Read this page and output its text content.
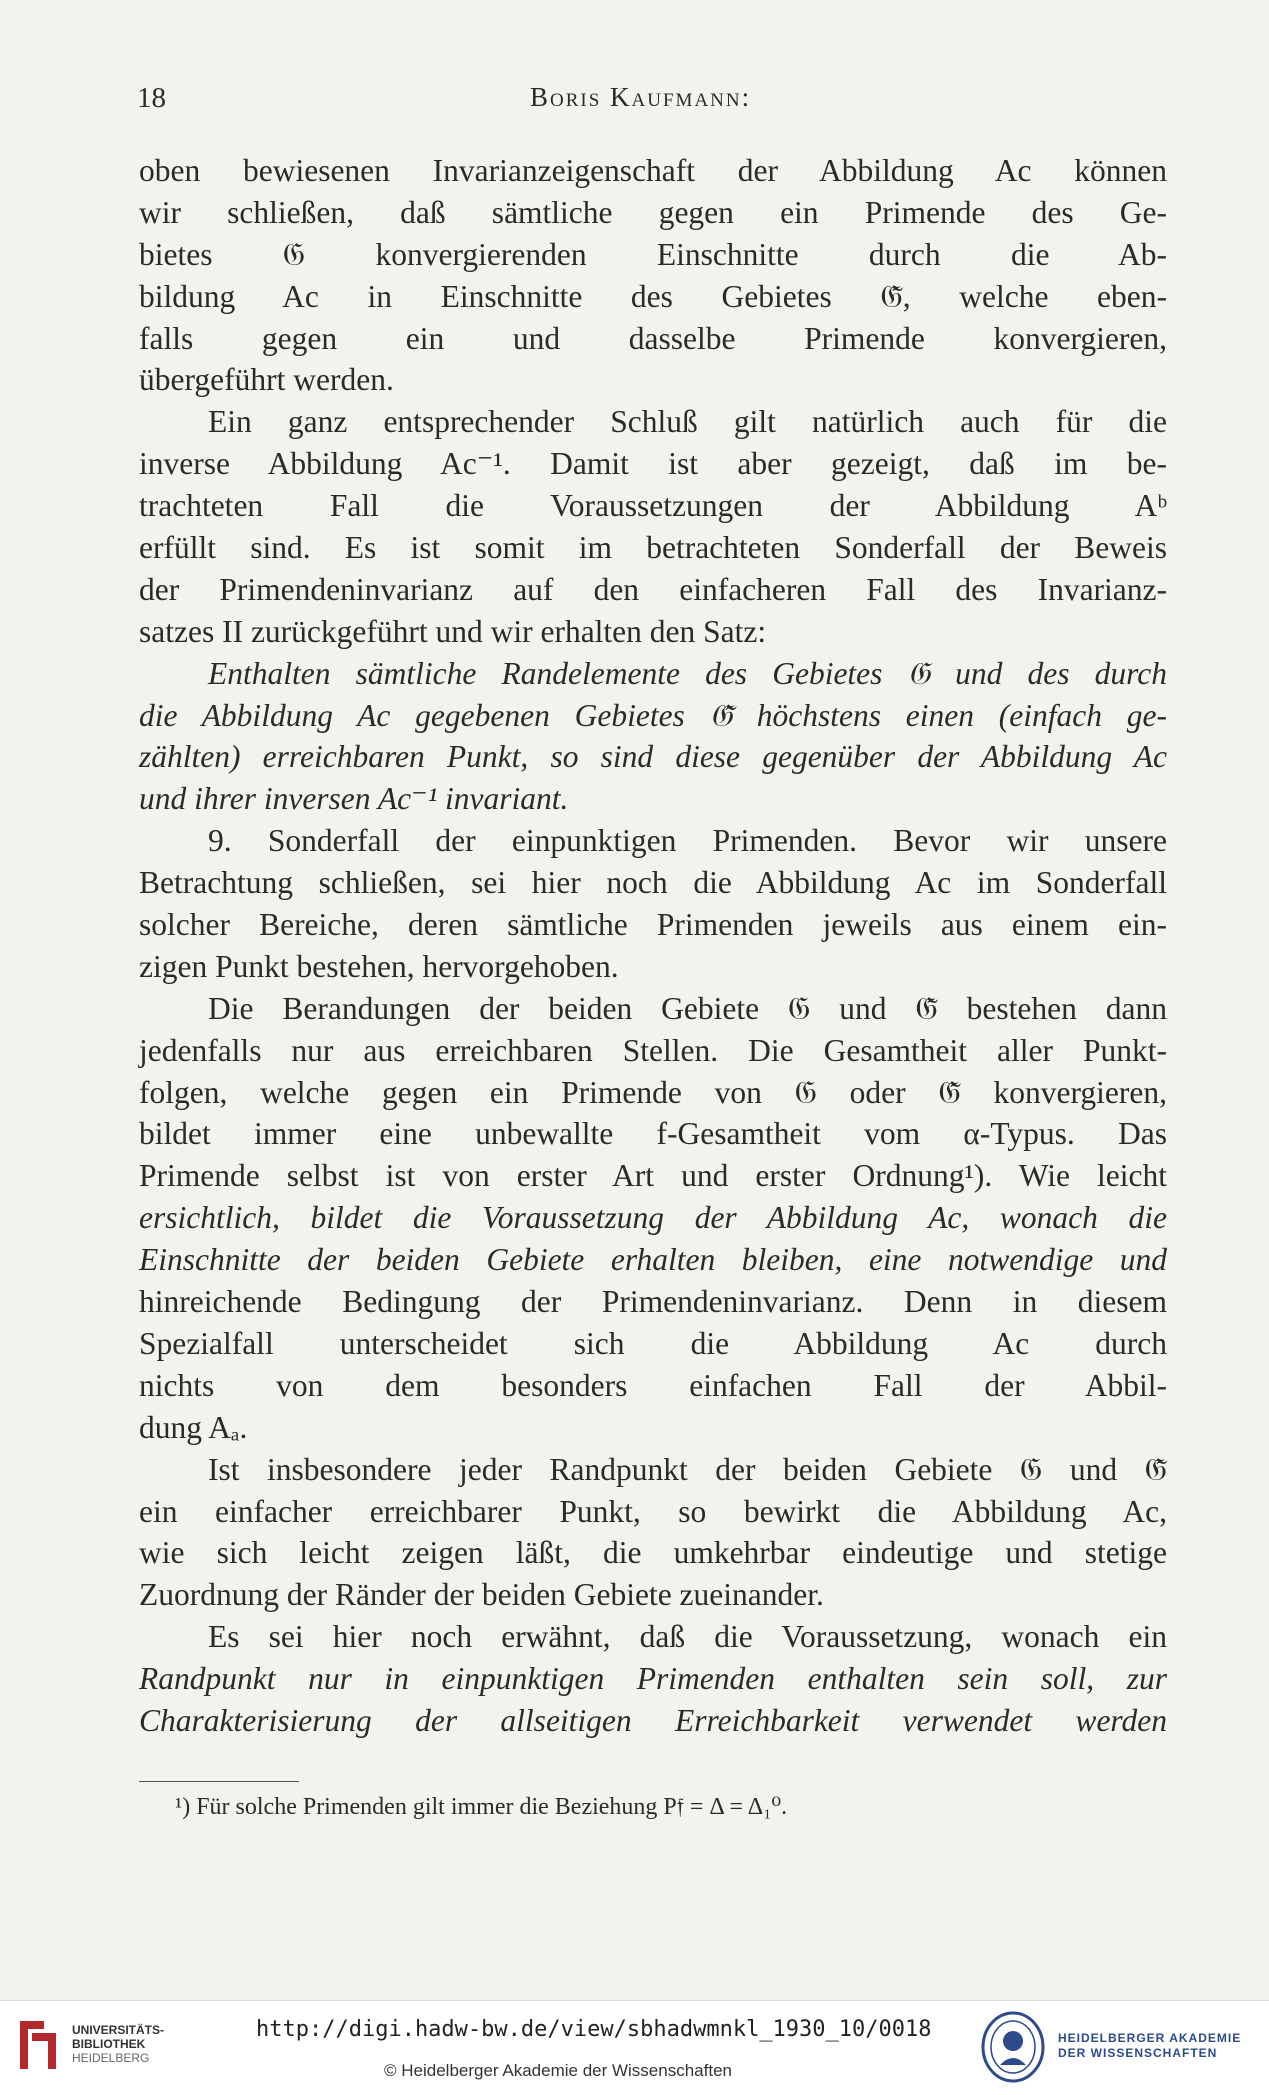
18	Boris Kaufmann:
oben bewiesenen Invarianzeigenschaft der Abbildung Ac können
wir schließen, daß sämtliche gegen ein Primende des Ge-
bietes 𝔊 konvergierenden Einschnitte durch die Ab-
bildung Ac in Einschnitte des Gebietes 𝔊̃, welche eben-
falls gegen ein und dasselbe Primende konvergieren,
übergeführt werden.
Ein ganz entsprechender Schluß gilt natürlich auch für die
inverse Abbildung Ac⁻¹. Damit ist aber gezeigt, daß im be-
trachteten Fall die Voraussetzungen der Abbildung Aᵇ
erfüllt sind. Es ist somit im betrachteten Sonderfall der Beweis
der Primendeninvarianz auf den einfacheren Fall des Invarianz-
satzes II zurückgeführt und wir erhalten den Satz:
Enthalten sämtliche Randelemente des Gebietes 𝔊 und des durch
die Abbildung Ac gegebenen Gebietes 𝔊̃ höchstens einen (einfach ge-
zählten) erreichbaren Punkt, so sind diese gegenüber der Abbildung Ac
und ihrer inversen Ac⁻¹ invariant.
9. Sonderfall der einpunktigen Primenden. Bevor wir unsere
Betrachtung schließen, sei hier noch die Abbildung Ac im Sonderfall
solcher Bereiche, deren sämtliche Primenden jeweils aus einem ein-
zigen Punkt bestehen, hervorgehoben.
Die Berandungen der beiden Gebiete 𝔊 und 𝔊̃ bestehen dann
jedenfalls nur aus erreichbaren Stellen. Die Gesamtheit aller Punkt-
folgen, welche gegen ein Primende von 𝔊 oder 𝔊̃ konvergieren,
bildet immer eine unbewallte f-Gesamtheit vom α-Typus. Das
Primende selbst ist von erster Art und erster Ordnung¹). Wie leicht
ersichtlich, bildet die Voraussetzung der Abbildung Ac, wonach die
Einschnitte der beiden Gebiete erhalten bleiben, eine notwendige und
hinreichende Bedingung der Primendeninvarianz. Denn in diesem
Spezialfall unterscheidet sich die Abbildung Ac durch
nichts von dem besonders einfachen Fall der Abbil-
dung Aₐ.
Ist insbesondere jeder Randpunkt der beiden Gebiete 𝔊 und 𝔊̃
ein einfacher erreichbarer Punkt, so bewirkt die Abbildung Ac,
wie sich leicht zeigen läßt, die umkehrbar eindeutige und stetige
Zuordnung der Ränder der beiden Gebiete zueinander.
Es sei hier noch erwähnt, daß die Voraussetzung, wonach ein
Randpunkt nur in einpunktigen Primenden enthalten sein soll, zur
Charakterisierung der allseitigen Erreichbarkeit verwendet werden
¹) Für solche Primenden gilt immer die Beziehung P𝔣 = Δ = Δ₁⁰.
UNIVERSITÄTS-
BIBLIOTHEK
HEIDELBERG
http://digi.hadw-bw.de/view/sbhadwmnkl_1930_10/0018
© Heidelberger Akademie der Wissenschaften
HEIDELBERGER AKADEMIE
DER WISSENSCHAFTEN
